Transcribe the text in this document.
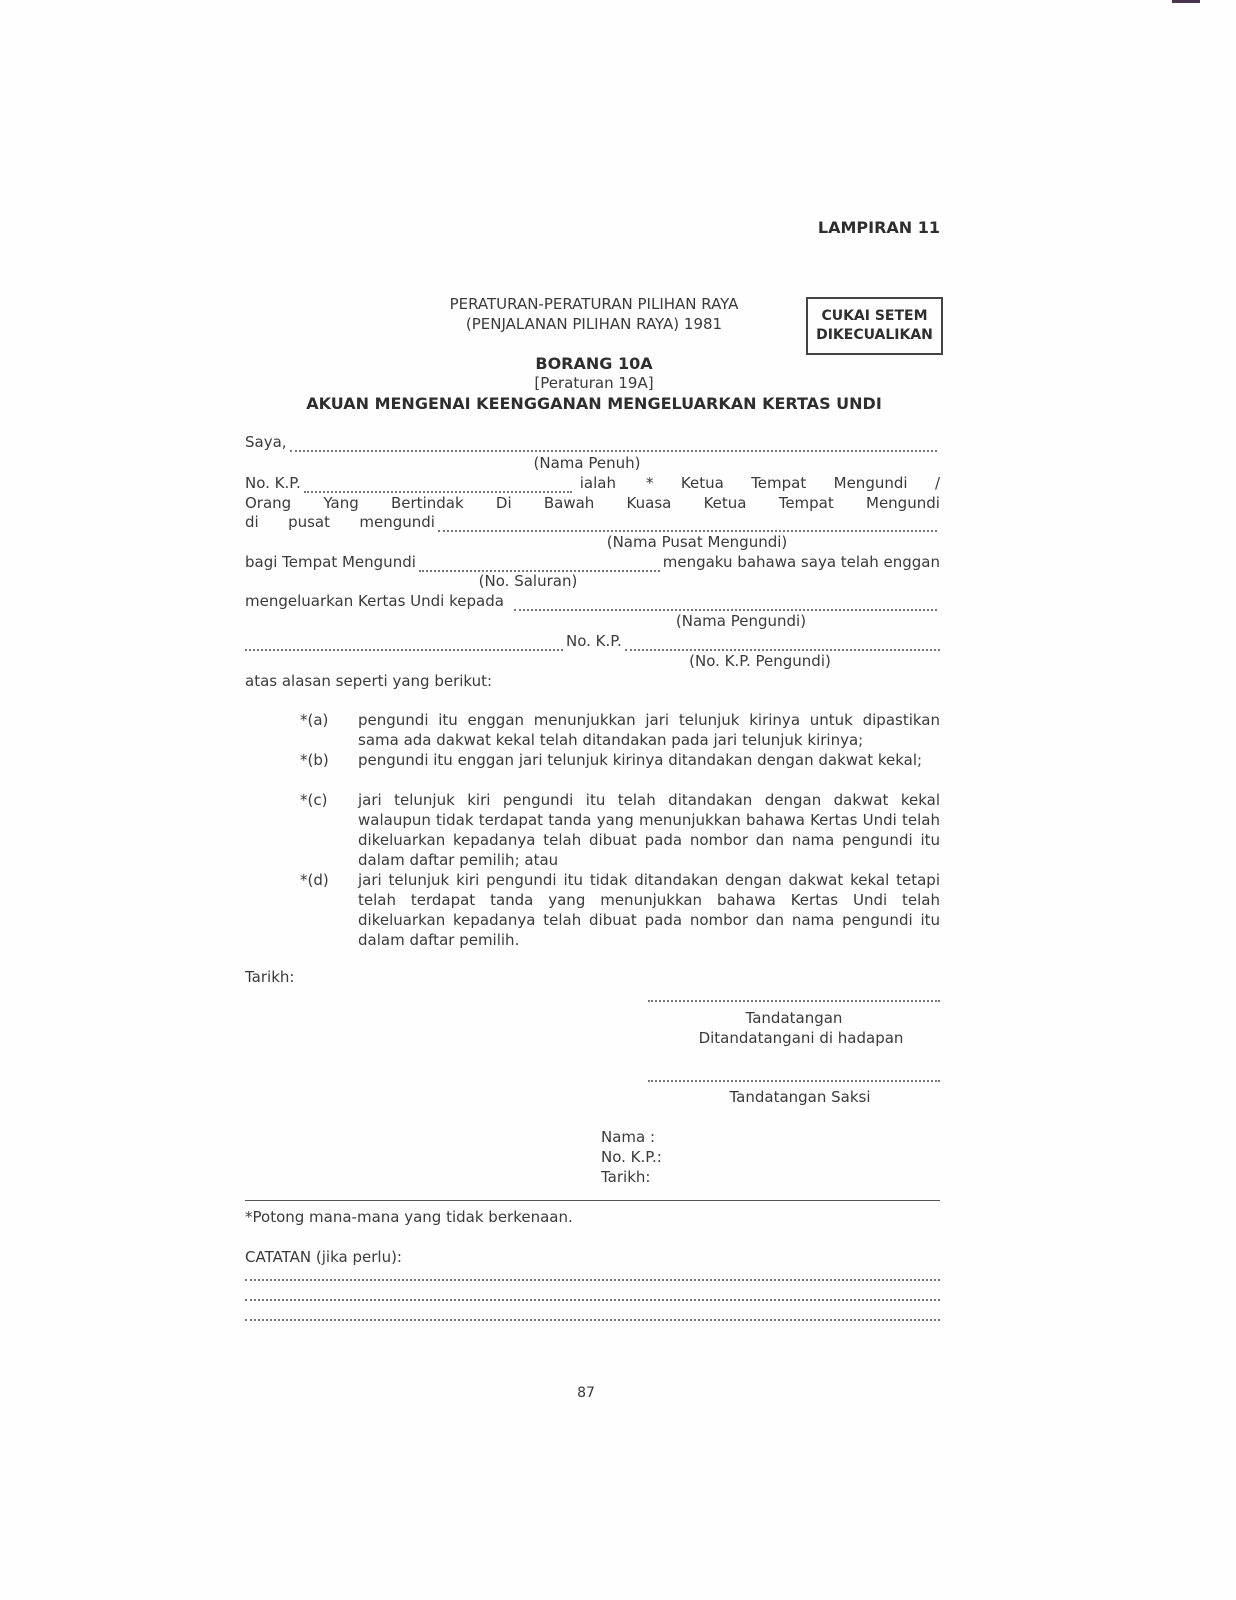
LAMPIRAN 11
PERATURAN-PERATURAN PILIHAN RAYA
(PENJALANAN PILIHAN RAYA) 1981	CUKAI SETEM
DIKECUALIKAN
BORANG 10A
[Peraturan 19A]
AKUAN MENGENAI KEENGGANAN MENGELUARKAN KERTAS UNDI
Saya,
(Nama Penuh)
No. K.P.	ialah * Ketua Tempat Mengundi /
Orang Yang Bertindak Di Bawah Kuasa Ketua Tempat Mengundi
di pusat mengundi
(Nama Pusat Mengundi)
bagi Tempat Mengundi	mengaku bahawa saya telah enggan
(No. Saluran)
mengeluarkan Kertas Undi kepada
(Nama Pengundi)
No. K.P.
(No. K.P. Pengundi)
atas alasan seperti yang berikut:
*(a) pengundi itu enggan menunjukkan jari telunjuk kirinya untuk dipastikan sama ada dakwat kekal telah ditandakan pada jari telunjuk kirinya;
*(b) pengundi itu enggan jari telunjuk kirinya ditandakan dengan dakwat kekal;
*(c) jari telunjuk kiri pengundi itu telah ditandakan dengan dakwat kekal walaupun tidak terdapat tanda yang menunjukkan bahawa Kertas Undi telah dikeluarkan kepadanya telah dibuat pada nombor dan nama pengundi itu dalam daftar pemilih; atau
*(d) jari telunjuk kiri pengundi itu tidak ditandakan dengan dakwat kekal tetapi telah terdapat tanda yang menunjukkan bahawa Kertas Undi telah dikeluarkan kepadanya telah dibuat pada nombor dan nama pengundi itu dalam daftar pemilih.
Tarikh:
Tandatangan
Ditandatangani di hadapan
Tandatangan Saksi
Nama :
No. K.P.:
Tarikh:
*Potong mana-mana yang tidak berkenaan.
CATATAN (jika perlu):
87
